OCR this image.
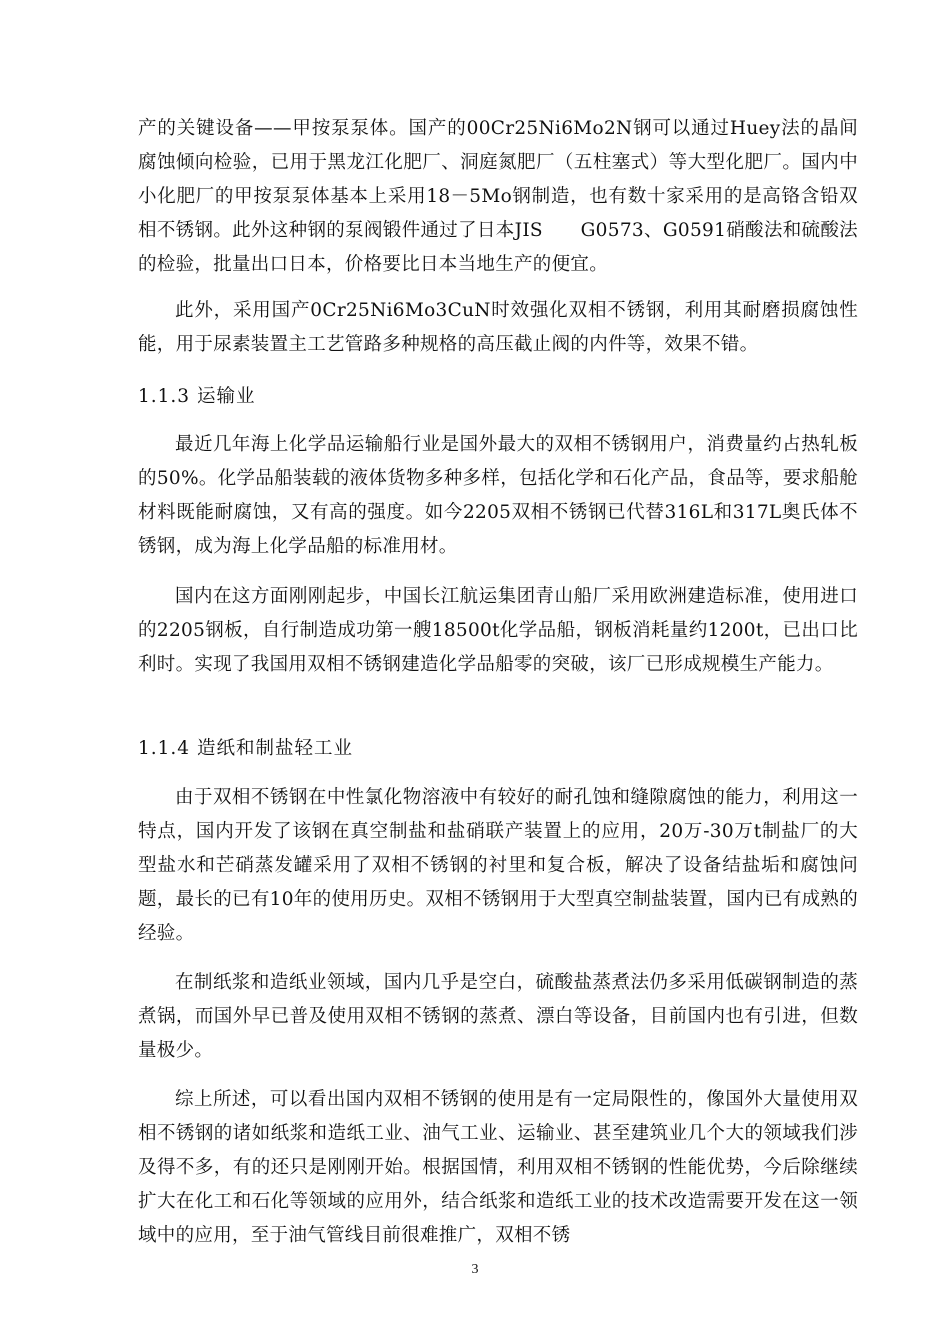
产的关键设备——甲按泵泵体。国产的00Cr25Ni6Mo2N钢可以通过Huey法的晶间腐蚀倾向检验，已用于黑龙江化肥厂、洞庭氮肥厂（五柱塞式）等大型化肥厂。国内中小化肥厂的甲按泵泵体基本上采用18－5Mo钢制造，也有数十家采用的是高铬含铅双相不锈钢。此外这种钢的泵阀锻件通过了日本JIS　　G0573、G0591硝酸法和硫酸法的检验，批量出口日本，价格要比日本当地生产的便宜。

此外，采用国产0Cr25Ni6Mo3CuN时效强化双相不锈钢，利用其耐磨损腐蚀性能，用于尿素装置主工艺管路多种规格的高压截止阀的内件等，效果不错。

1.1.3 运输业

最近几年海上化学品运输船行业是国外最大的双相不锈钢用户，消费量约占热轧板的50%。化学品船装载的液体货物多种多样，包括化学和石化产品，食品等，要求船舱材料既能耐腐蚀，又有高的强度。如今2205双相不锈钢已代替316L和317L奥氏体不锈钢，成为海上化学品船的标准用材。

国内在这方面刚刚起步，中国长江航运集团青山船厂采用欧洲建造标准，使用进口的2205钢板，自行制造成功第一艘18500t化学品船，钢板消耗量约1200t，已出口比利时。实现了我国用双相不锈钢建造化学品船零的突破，该厂已形成规模生产能力。

1.1.4 造纸和制盐轻工业

由于双相不锈钢在中性氯化物溶液中有较好的耐孔蚀和缝隙腐蚀的能力，利用这一特点，国内开发了该钢在真空制盐和盐硝联产装置上的应用，20万-30万t制盐厂的大型盐水和芒硝蒸发罐采用了双相不锈钢的衬里和复合板，解决了设备结盐垢和腐蚀问题，最长的已有10年的使用历史。双相不锈钢用于大型真空制盐装置，国内已有成熟的经验。

在制纸浆和造纸业领域，国内几乎是空白，硫酸盐蒸煮法仍多采用低碳钢制造的蒸煮锅，而国外早已普及使用双相不锈钢的蒸煮、漂白等设备，目前国内也有引进，但数量极少。

综上所述，可以看出国内双相不锈钢的使用是有一定局限性的，像国外大量使用双相不锈钢的诸如纸浆和造纸工业、油气工业、运输业、甚至建筑业几个大的领域我们涉及得不多，有的还只是刚刚开始。根据国情，利用双相不锈钢的性能优势，今后除继续扩大在化工和石化等领域的应用外，结合纸浆和造纸工业的技术改造需要开发在这一领域中的应用，至于油气管线目前很难推广，双相不锈

3
